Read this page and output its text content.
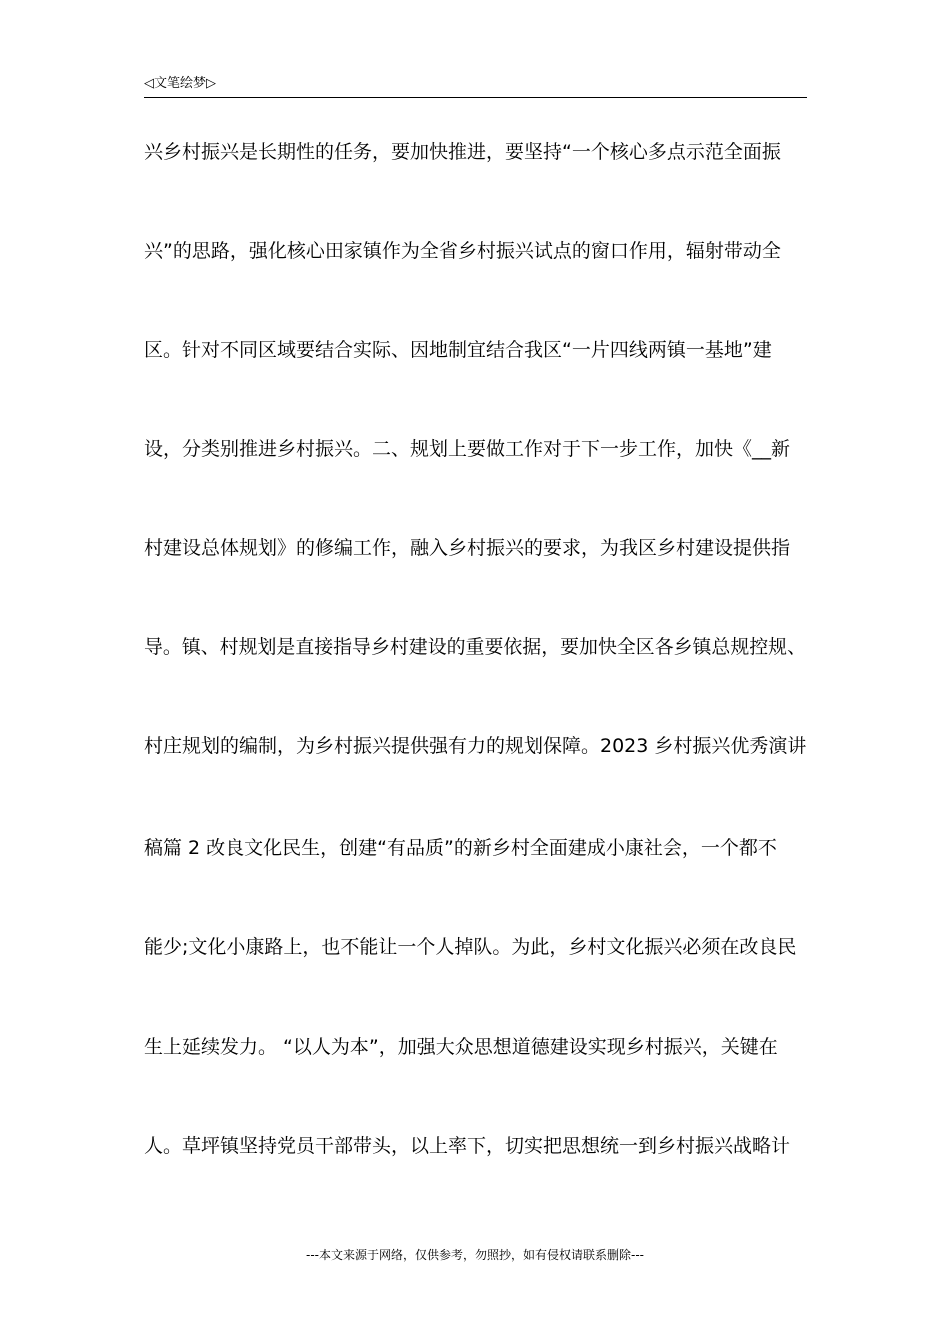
◁文笔绘梦▷
兴乡村振兴是长期性的任务，要加快推进，要坚持“一个核心多点示范全面振
兴”的思路，强化核心田家镇作为全省乡村振兴试点的窗口作用，辐射带动全
区。针对不同区域要结合实际、因地制宜结合我区“一片四线两镇一基地”建
设，分类别推进乡村振兴。二、规划上要做工作对于下一步工作，加快《__新
村建设总体规划》的修编工作，融入乡村振兴的要求，为我区乡村建设提供指
导。镇、村规划是直接指导乡村建设的重要依据，要加快全区各乡镇总规控规、
村庄规划的编制，为乡村振兴提供强有力的规划保障。2023 乡村振兴优秀演讲
稿篇 2 改良文化民生，创建“有品质”的新乡村全面建成小康社会，一个都不
能少;文化小康路上，也不能让一个人掉队。为此，乡村文化振兴必须在改良民
生上延续发力。 “以人为本”，加强大众思想道德建设实现乡村振兴，关键在
人。草坪镇坚持党员干部带头，以上率下，切实把思想统一到乡村振兴战略计
---本文来源于网络，仅供参考，勿照抄，如有侵权请联系删除---
